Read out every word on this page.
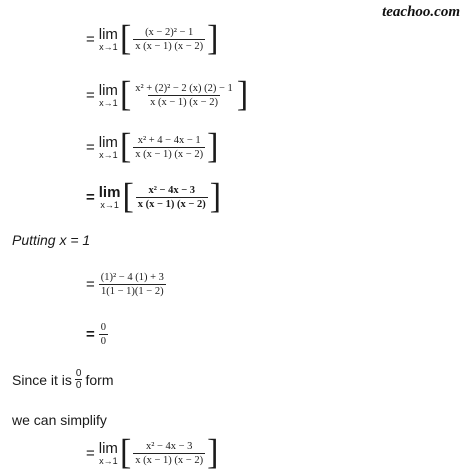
teachoo.com
= lim
x→1 [ $\frac{\text{(x − 2)² − 1}}{x (x - 1) (x - 2)}$ ]
= lim
x→1 [ $\frac{\text{x² + (2)² − 2 (x) (2) − 1}}{x (x - 1) (x - 2)}$ ]
= lim
x→1 [ $\frac{\text{x² + 4 − 4x − 1}}{x (x - 1) (x - 2)}$ ]
= lim
x→1 [ $\frac{\text{x² − 4x − 3}}{x (x - 1) (x - 2)}$ ]
Putting x = 1
= $\frac{\text{(1)² − 4 (1) + 3}}{1(1 - 1)(1 - 2)}$
= $\frac{0}{0}$
Since it is $\frac{0}{0}$ form
we can simplify
= lim
x→1 [ $\frac{\text{x² − 4x − 3}}{x (x - 1) (x - 2)}$ ]
